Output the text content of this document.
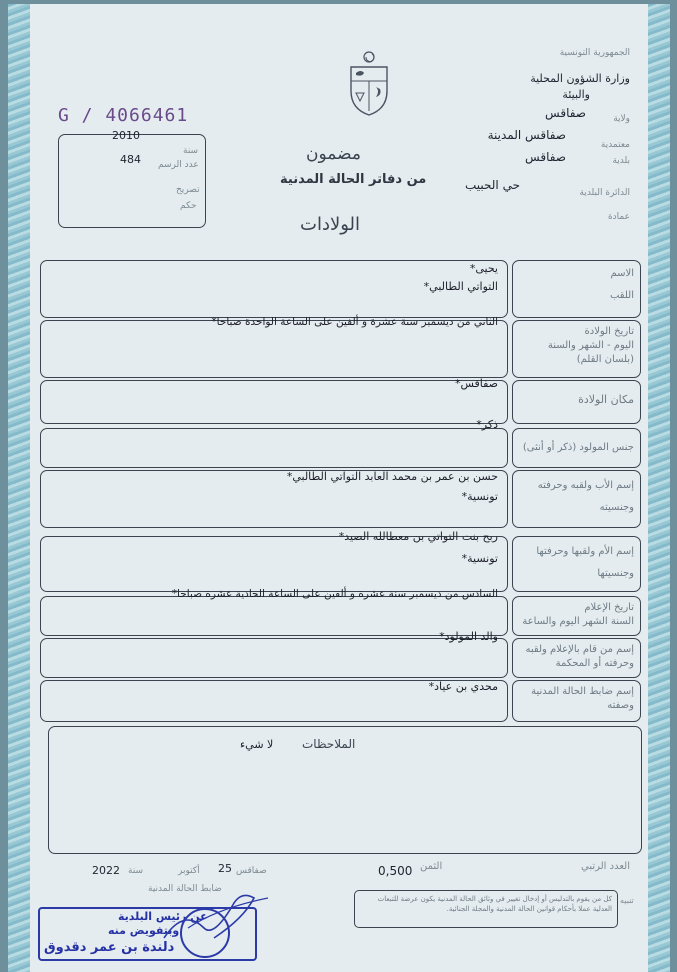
الجمهورية التونسية
وزارة الشؤون المحلية
والبيئة
ولاية
صفاقس
معتمدية
صفاقس المدينة
بلدية
صفاقس
الدائرة البلدية
حي الحبيب
عمادة
G / 4066461
2010
484
سنة
عدد الرسم
تصريح
حكم
مضمون
من دفاتر الحالة المدنية
الولادات
الاسم
اللقب
يحيى*
التواتي الطالبي*
تاريخ الولادة
اليوم - الشهر والسنة
(بلسان القلم)
الثاني من ديسمبر سنة عشرة و ألفين على الساعة الواحدة صباحا*
مكان الولادة
صفاقس*
جنس المولود (ذكر أو أنثى)
ذكر*
إسم الأب ولقبه وحرفته
وجنسيته
حسن بن عمر بن محمد العابد التواتي الطالبي*
تونسية*
إسم الأم ولقبها وحرفتها
وجنسيتها
ربح بنت التواتي بن معطالله الصيد*
تونسية*
تاريخ الإعلام
السنة الشهر اليوم والساعة
السادس من ديسمبر سنة عشرة و ألفين على الساعة الحادية عشرة صباحا*
إسم من قام بالإعلام ولقبه
وحرفته أو المحكمة
والد المولود*
إسم ضابط الحالة المدنية
وصفته
محدي بن عياد*
الملاحظات
لا شيء
العدد الرتبي
الثمن
0,500
صفاقس
25
أكتوبر
سنة
2022
ضابط الحالة المدنية
تنبيه
كل من يقوم بالتدليس أو إدخال تغيير في وثائق الحالة المدنية يكون عرضة للتبعات العدلية عملا بأحكام قوانين الحالة المدنية والمجلة الجنائية.
عن رئيس البلدية
وبتفويض منه
دلندة بن عمر دقدوق
